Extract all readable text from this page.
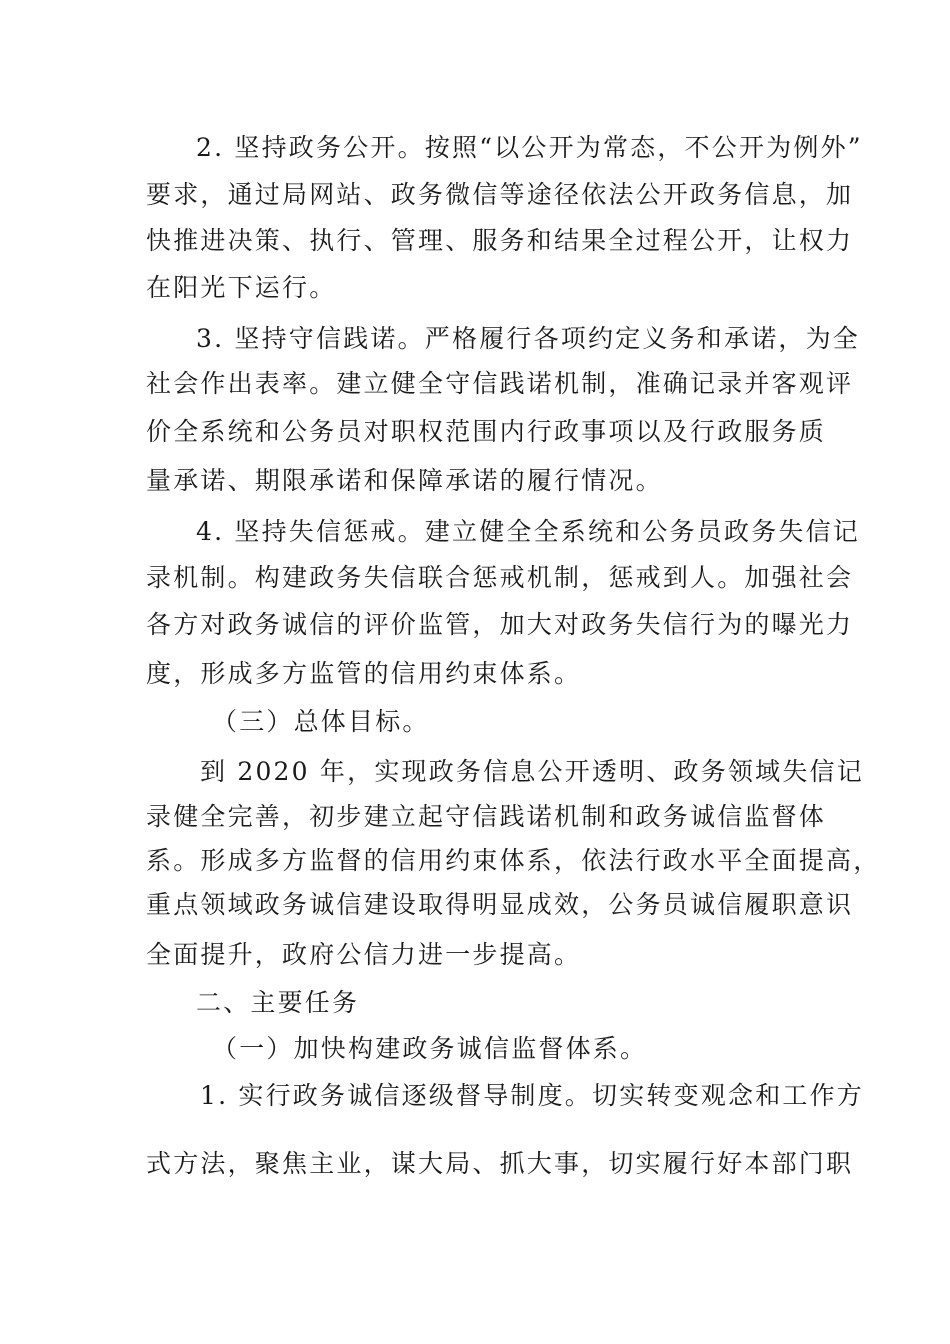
2. 坚持政务公开。按照“以公开为常态，不公开为例外”
要求，通过局网站、政务微信等途径依法公开政务信息，加
快推进决策、执行、管理、服务和结果全过程公开，让权力
在阳光下运行。
3. 坚持守信践诺。严格履行各项约定义务和承诺，为全
社会作出表率。建立健全守信践诺机制，准确记录并客观评
价全系统和公务员对职权范围内行政事项以及行政服务质
量承诺、期限承诺和保障承诺的履行情况。
4. 坚持失信惩戒。建立健全全系统和公务员政务失信记
录机制。构建政务失信联合惩戒机制，惩戒到人。加强社会
各方对政务诚信的评价监管，加大对政务失信行为的曝光力
度，形成多方监管的信用约束体系。
（三）总体目标。
到 2020 年，实现政务信息公开透明、政务领域失信记
录健全完善，初步建立起守信践诺机制和政务诚信监督体
系。形成多方监督的信用约束体系，依法行政水平全面提高，
重点领域政务诚信建设取得明显成效，公务员诚信履职意识
全面提升，政府公信力进一步提高。
二、主要任务
（一）加快构建政务诚信监督体系。
1. 实行政务诚信逐级督导制度。切实转变观念和工作方
式方法，聚焦主业，谋大局、抓大事，切实履行好本部门职
